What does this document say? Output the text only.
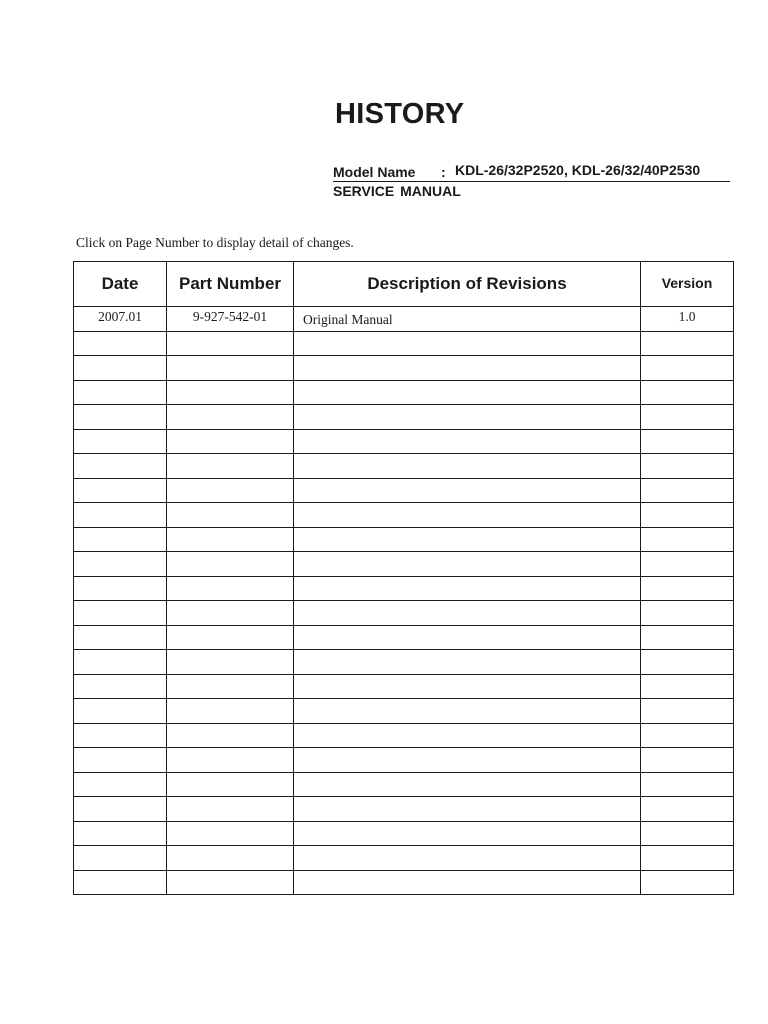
HISTORY
Model Name : KDL-26/32P2520, KDL-26/32/40P2530
SERVICE MANUAL
Click on Page Number to display detail of changes.
Date	Part Number	Description of Revisions	Version
2007.01	9-927-542-01	Original Manual	1.0
